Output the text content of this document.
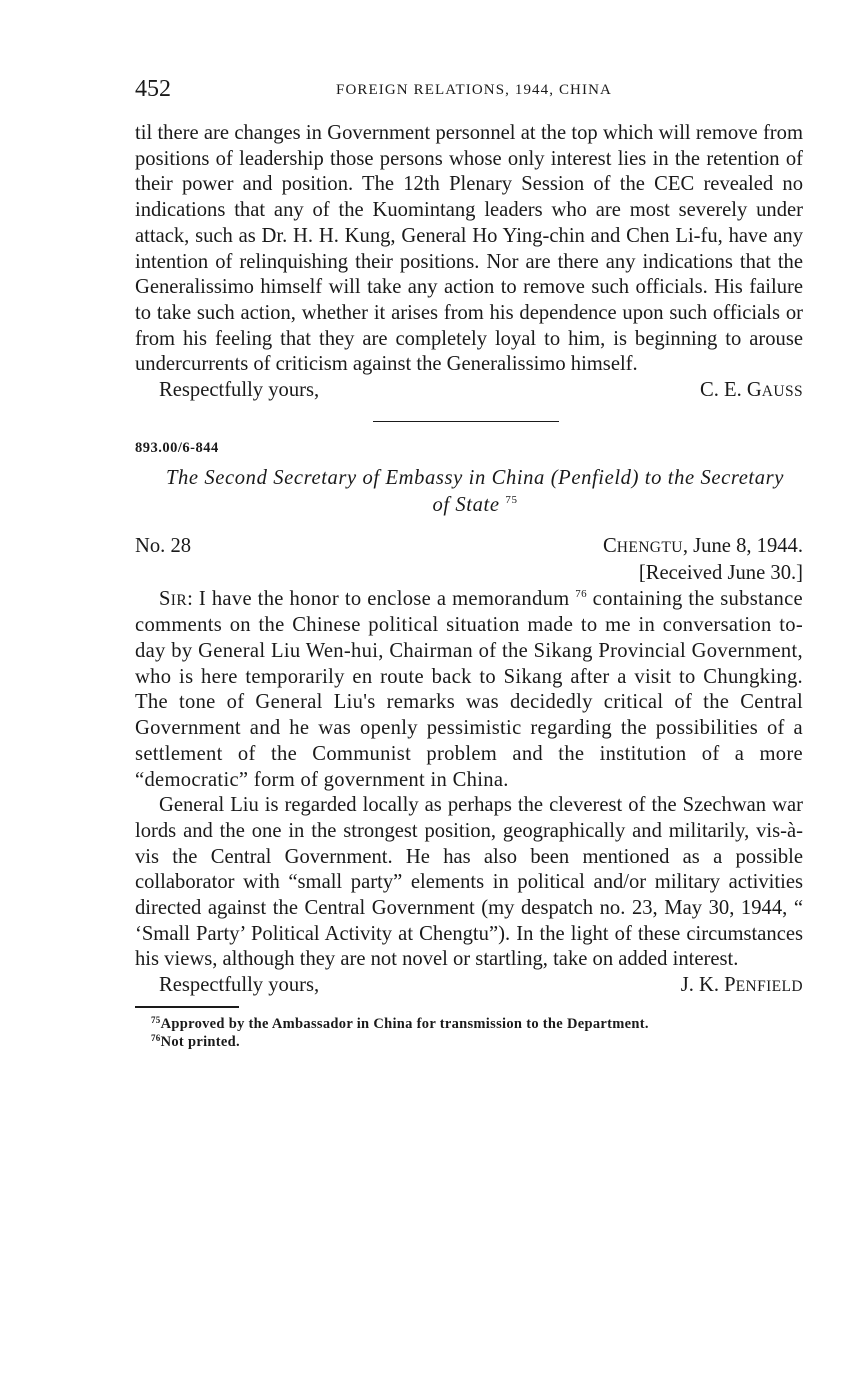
452	FOREIGN RELATIONS, 1944, CHINA

til there are changes in Government personnel at the top which will remove from positions of leadership those persons whose only interest lies in the retention of their power and position. The 12th Plenary Session of the CEC revealed no indications that any of the Kuomintang leaders who are most severely under attack, such as Dr. H. H. Kung, General Ho Ying-chin and Chen Li-fu, have any intention of relinquishing their positions. Nor are there any indications that the Generalissimo himself will take any action to remove such officials. His failure to take such action, whether it arises from his dependence upon such officials or from his feeling that they are completely loyal to him, is beginning to arouse undercurrents of criticism against the Generalissimo himself.

Respectfully yours,	C. E. GAUSS
893.00/6-844
The Second Secretary of Embassy in China (Penfield) to the Secretary of State $^{75}$
No. 28	CHENGTU, June 8, 1944.
[Received June 30.]

SIR: I have the honor to enclose a memorandum $^{76}$ containing the substance comments on the Chinese political situation made to me in conversation to-day by General Liu Wen-hui, Chairman of the Sikang Provincial Government, who is here temporarily en route back to Sikang after a visit to Chungking. The tone of General Liu's remarks was decidedly critical of the Central Government and he was openly pessimistic regarding the possibilities of a settlement of the Communist problem and the institution of a more “democratic” form of government in China.

General Liu is regarded locally as perhaps the cleverest of the Szechwan war lords and the one in the strongest position, geographically and militarily, vis-à-vis the Central Government. He has also been mentioned as a possible collaborator with “small party” elements in political and/or military activities directed against the Central Government (my despatch no. 23, May 30, 1944, “ ‘Small Party’ Political Activity at Chengtu”). In the light of these circumstances his views, although they are not novel or startling, take on added interest.

Respectfully yours,	J. K. PENFIELD
$^{75}$Approved by the Ambassador in China for transmission to the Department.
$^{76}$Not printed.
